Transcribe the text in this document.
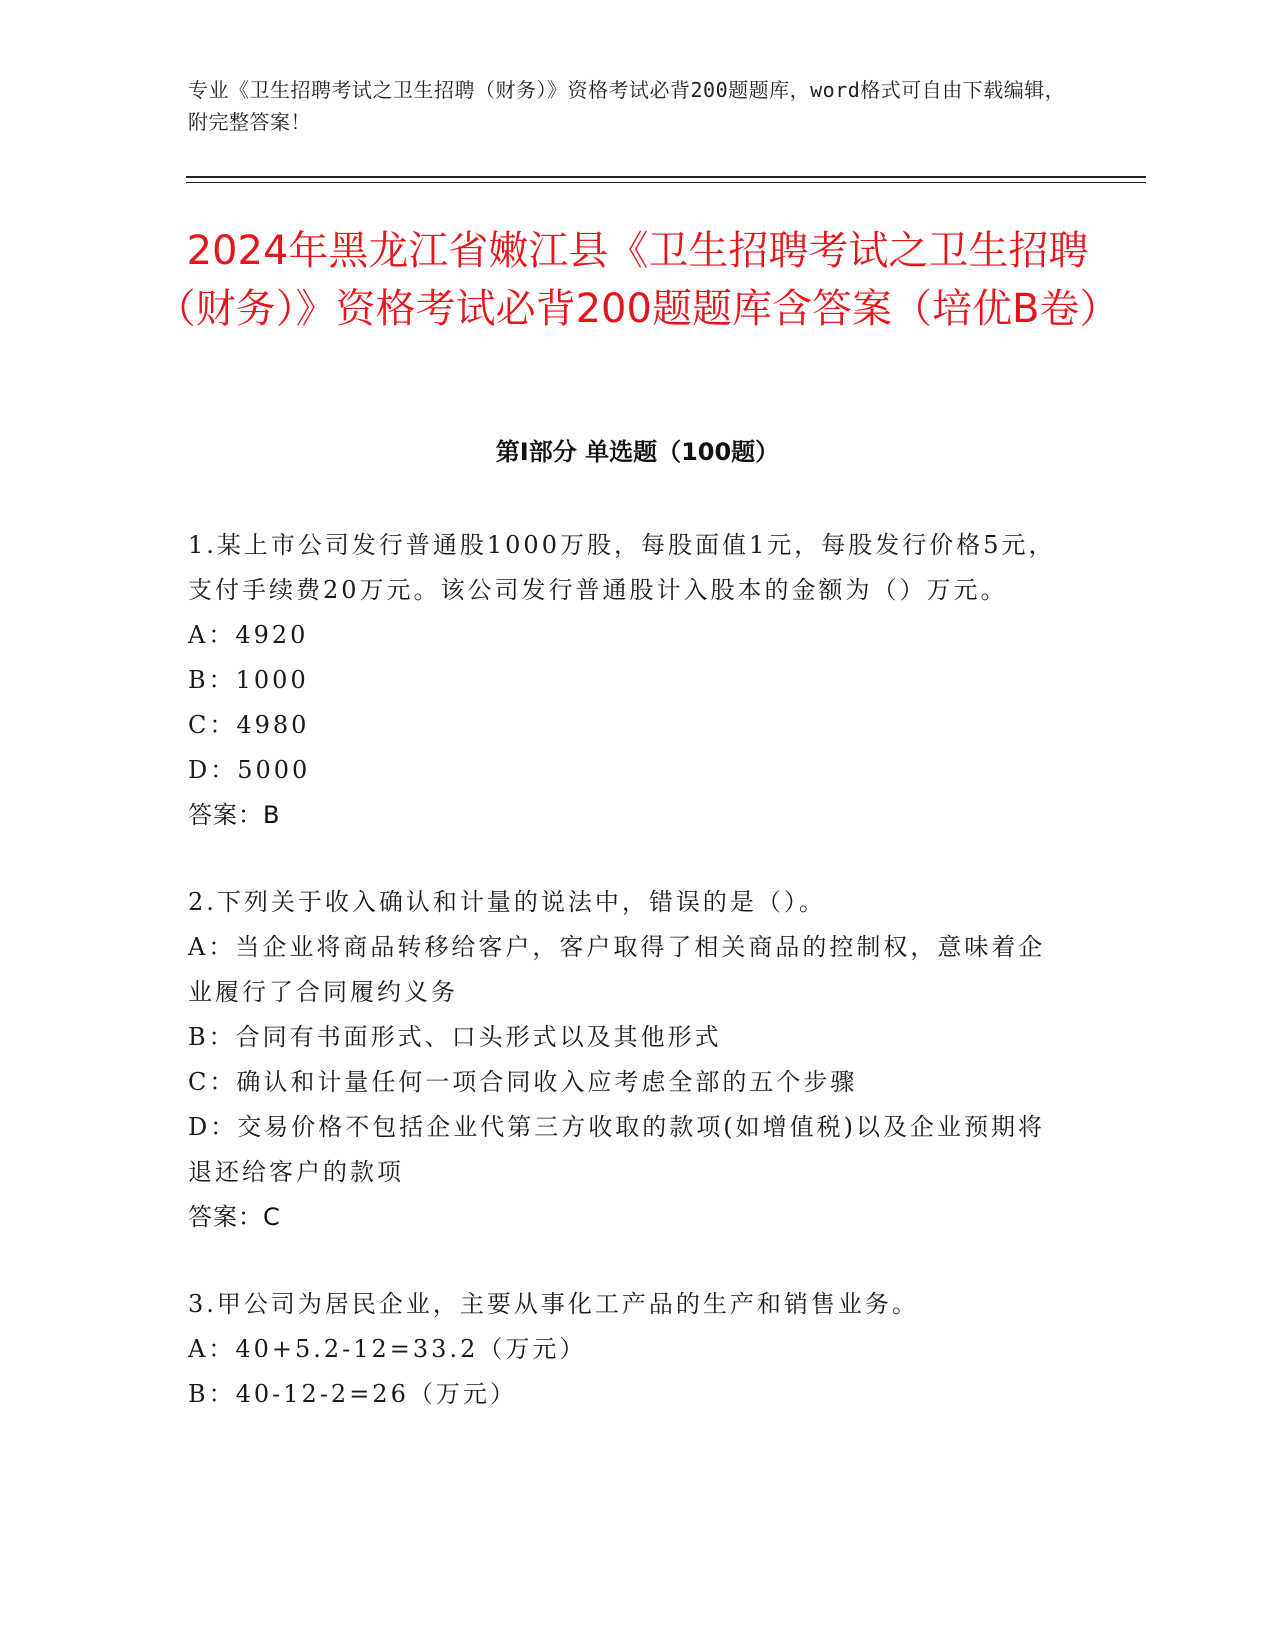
专业《卫生招聘考试之卫生招聘（财务）》资格考试必背200题题库，word格式可自由下载编辑，附完整答案！
2024年黑龙江省嫩江县《卫生招聘考试之卫生招聘（财务）》资格考试必背200题题库含答案（培优B卷）
第Ⅰ部分 单选题（100题）

1.某上市公司发行普通股1000万股，每股面值1元，每股发行价格5元，支付手续费20万元。该公司发行普通股计入股本的金额为（）万元。

A：4920

B：1000

C：4980

D：5000

答案：B

2.下列关于收入确认和计量的说法中，错误的是（）。

A：当企业将商品转移给客户，客户取得了相关商品的控制权，意味着企业履行了合同履约义务

B：合同有书面形式、口头形式以及其他形式

C：确认和计量任何一项合同收入应考虑全部的五个步骤

D：交易价格不包括企业代第三方收取的款项(如增值税)以及企业预期将退还给客户的款项

答案：C

3.甲公司为居民企业，主要从事化工产品的生产和销售业务。

A：40+5.2-12=33.2（万元）

B：40-12-2=26（万元）
